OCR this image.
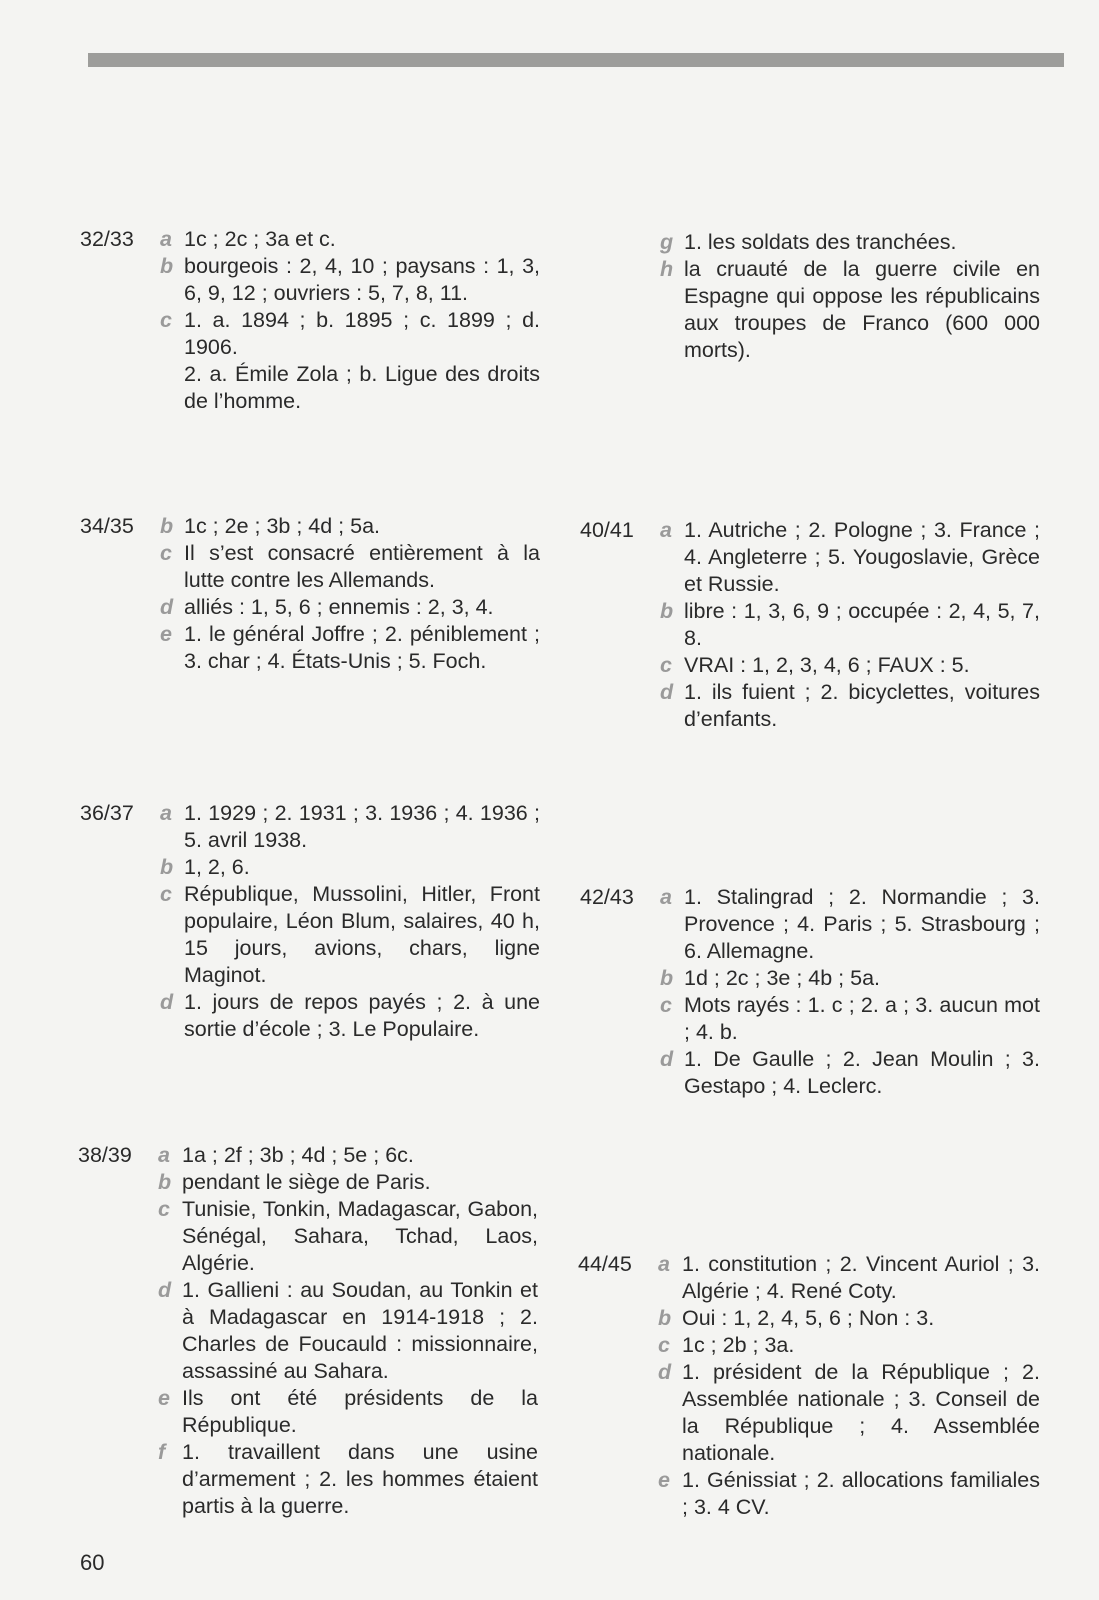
32/33 a 1c ; 2c ; 3a et c.
b bourgeois : 2, 4, 10 ; paysans : 1, 3, 6, 9, 12 ; ouvriers : 5, 7, 8, 11.
c 1. a. 1894 ; b. 1895 ; c. 1899 ; d. 1906.
2. a. Émile Zola ; b. Ligue des droits de l’homme.
g 1. les soldats des tranchées.
h la cruauté de la guerre civile en Espagne qui oppose les républicains aux troupes de Franco (600 000 morts).
34/35 b 1c ; 2e ; 3b ; 4d ; 5a.
c Il s’est consacré entièrement à la lutte contre les Allemands.
d alliés : 1, 5, 6 ; ennemis : 2, 3, 4.
e 1. le général Joffre ; 2. péniblement ; 3. char ; 4. États-Unis ; 5. Foch.
40/41 a 1. Autriche ; 2. Pologne ; 3. France ; 4. Angleterre ; 5. Yougoslavie, Grèce et Russie.
b libre : 1, 3, 6, 9 ; occupée : 2, 4, 5, 7, 8.
c VRAI : 1, 2, 3, 4, 6 ; FAUX : 5.
d 1. ils fuient ; 2. bicyclettes, voitures d’enfants.
36/37 a 1. 1929 ; 2. 1931 ; 3. 1936 ; 4. 1936 ; 5. avril 1938.
b 1, 2, 6.
c République, Mussolini, Hitler, Front populaire, Léon Blum, salaires, 40 h, 15 jours, avions, chars, ligne Maginot.
d 1. jours de repos payés ; 2. à une sortie d’école ; 3. Le Populaire.
42/43 a 1. Stalingrad ; 2. Normandie ; 3. Provence ; 4. Paris ; 5. Strasbourg ; 6. Allemagne.
b 1d ; 2c ; 3e ; 4b ; 5a.
c Mots rayés : 1. c ; 2. a ; 3. aucun mot ; 4. b.
d 1. De Gaulle ; 2. Jean Moulin ; 3. Gestapo ; 4. Leclerc.
38/39 a 1a ; 2f ; 3b ; 4d ; 5e ; 6c.
b pendant le siège de Paris.
c Tunisie, Tonkin, Madagascar, Gabon, Sénégal, Sahara, Tchad, Laos, Algérie.
d 1. Gallieni : au Soudan, au Tonkin et à Madagascar en 1914-1918 ; 2. Charles de Foucauld : missionnaire, assassiné au Sahara.
e Ils ont été présidents de la République.
f 1. travaillent dans une usine d’armement ; 2. les hommes étaient partis à la guerre.
44/45 a 1. constitution ; 2. Vincent Auriol ; 3. Algérie ; 4. René Coty.
b Oui : 1, 2, 4, 5, 6 ; Non : 3.
c 1c ; 2b ; 3a.
d 1. président de la République ; 2. Assemblée nationale ; 3. Conseil de la République ; 4. Assemblée nationale.
e 1. Génissiat ; 2. allocations familiales ; 3. 4 CV.
60
